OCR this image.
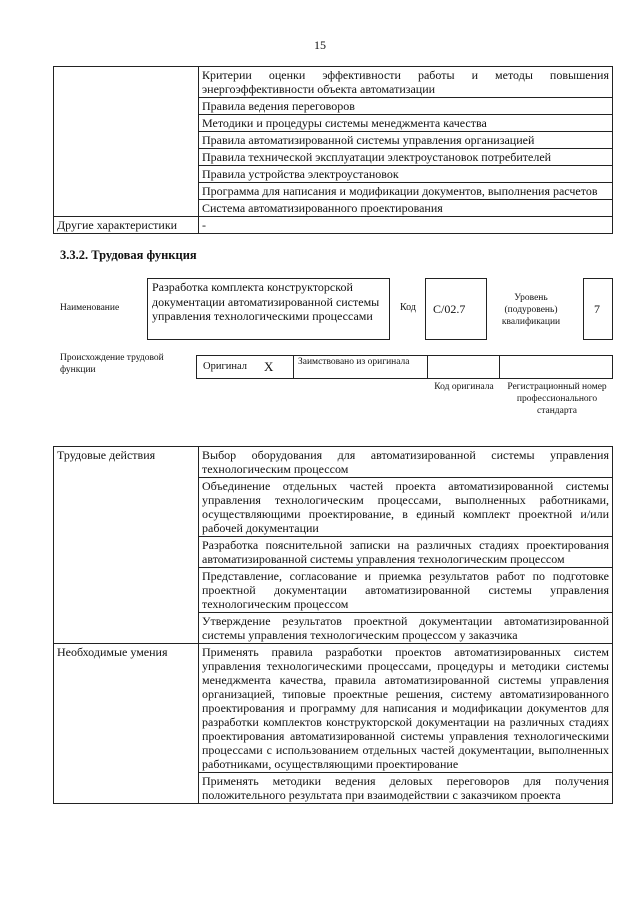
15
	Критерии оценки эффективности работы и методы повышения энергоэффективности объекта автоматизации
	Правила ведения переговоров
	Методики и процедуры системы менеджмента качества
	Правила автоматизированной системы управления организацией
	Правила технической эксплуатации электроустановок потребителей
	Правила устройства электроустановок
	Программа для написания и модификации документов, выполнения расчетов
	Система автоматизированного проектирования
Другие характеристики	-
3.3.2. Трудовая функция
Наименование
Разработка комплекта конструкторской документации автоматизированной системы управления технологическими процессами
Код	С/02.7
Уровень (подуровень) квалификации
7
Происхождение трудовой функции	Оригинал X	Заимствовано из оригинала
Код оригинала	Регистрационный номер профессионального стандарта
Трудовые действия	Выбор оборудования для автоматизированной системы управления технологическим процессом
	Объединение отдельных частей проекта автоматизированной системы управления технологическим процессами, выполненных работниками, осуществляющими проектирование, в единый комплект проектной и/или рабочей документации
	Разработка пояснительной записки на различных стадиях проектирования автоматизированной системы управления технологическим процессом
	Представление, согласование и приемка результатов работ по подготовке проектной документации автоматизированной системы управления технологическим процессом
	Утверждение результатов проектной документации автоматизированной системы управления технологическим процессом у заказчика
Необходимые умения	Применять правила разработки проектов автоматизированных систем управления технологическими процессами, процедуры и методики системы менеджмента качества, правила автоматизированной системы управления организацией, типовые проектные решения, систему автоматизированного проектирования и программу для написания и модификации документов для разработки комплектов конструкторской документации на различных стадиях проектирования автоматизированной системы управления технологическими процессами с использованием отдельных частей документации, выполненных работниками, осуществляющими проектирование
	Применять методики ведения деловых переговоров для получения положительного результата при взаимодействии с заказчиком проекта
